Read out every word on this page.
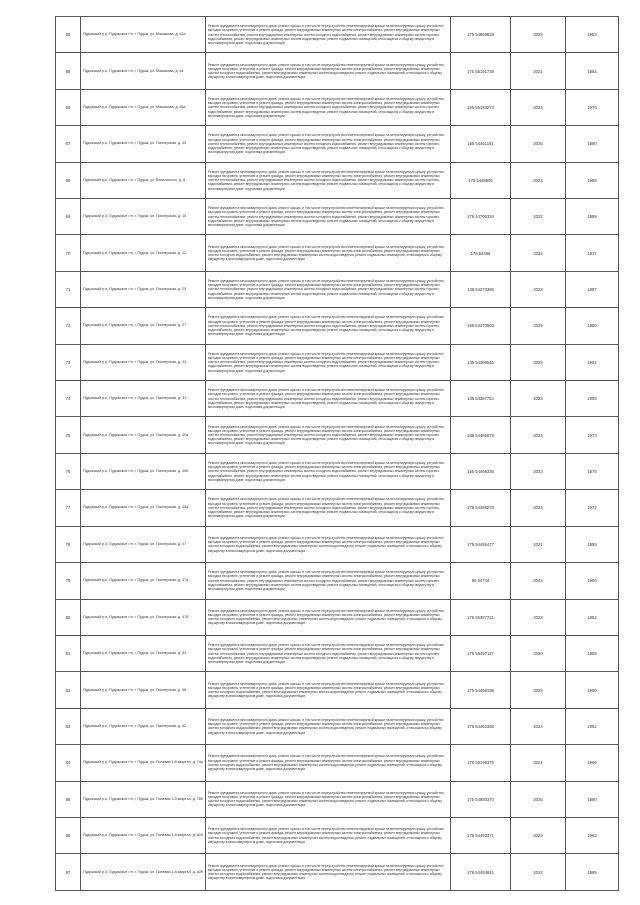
65	Пудожский р-н, Пудожское г/п, г. Пудож, ул. Машакова, д. 62а	Ремонт фундамента многоквартирного дома, ремонт крыши, в том числе переустройство невентилируемой крыши на вентилируемую крышу, устройство выходов на кровлю, утепление и ремонт фасада, ремонт внутридомовых инженерных систем электроснабжения, ремонт внутридомовых инженерных систем теплоснабжения, ремонт внутридомовых инженерных систем холодного водоснабжения, ремонт внутридомовых инженерных систем горячего водоснабжения, ремонт внутридомовых инженерных систем водоотведения, ремонт подвальных помещений, относящихся к общему имуществу в многоквартирном доме, подготовка документации	175 54868828	2023	1983

66	Пудожский р-н, Пудожское г/п, г. Пудож, ул. Машакова, д. 64	Ремонт фундамента многоквартирного дома, ремонт крыши, в том числе переустройство невентилируемой крыши на вентилируемую крышу, устройство выходов на кровлю, утепление и ремонт фасада, ремонт внутридомовых инженерных систем электроснабжения, ремонт внутридомовых инженерных систем холодного водоснабжения, ремонт внутридомовых инженерных систем водоотведения, ремонт подвальных помещений, относящихся к общему имуществу в многоквартирном доме, подготовка документации	175 55191739	2021	1964

68	Пудожский р-н, Пудожское г/п, г. Пудож, ул. Машакова, д. 65а	Ремонт фундамента многоквартирного дома, ремонт крыши, в том числе переустройство невентилируемой крыши на вентилируемую крышу, устройство выходов на кровлю, утепление и ремонт фасада, ремонт внутридомовых инженерных систем электроснабжения, ремонт внутридомовых инженерных систем теплоснабжения, ремонт внутридомовых инженерных систем холодного водоснабжения, ремонт внутридомовых инженерных систем горячего водоснабжения, ремонт внутридомовых инженерных систем водоотведения, ремонт подвальных помещений, относящихся к общему имуществу в многоквартирном доме, подготовка документации	155 55183273	2025	1976

67	Пудожский р-н, Пудожское г/п, г. Пудож, ул. Пионерская, д. 45	Ремонт фундамента многоквартирного дома, ремонт крыши, в том числе переустройство невентилируемой крыши на вентилируемую крышу, устройство выходов на кровлю, утепление и ремонт фасада, ремонт внутридомовых инженерных систем электроснабжения, ремонт внутридомовых инженерных систем теплоснабжения, ремонт внутридомовых инженерных систем холодного водоснабжения, ремонт внутридомовых инженерных систем горячего водоснабжения, ремонт внутридомовых инженерных систем водоотведения, ремонт подвальных помещений, относящихся к общему имуществу в многоквартирном доме, подготовка документации	155 54461181	2025	1960

69	Пудожский р-н, Пудожское г/п, г. Пудож, ул. Василиского, д. 8	Ремонт фундамента многоквартирного дома, ремонт крыши, в том числе переустройство невентилируемой крыши на вентилируемую крышу, устройство выходов на кровлю, утепление и ремонт фасада, ремонт внутридомовых инженерных систем электроснабжения, ремонт внутридомовых инженерных систем теплоснабжения, ремонт внутридомовых инженерных систем холодного водоснабжения, ремонт внутридомовых инженерных систем горячего водоснабжения, ремонт внутридомовых инженерных систем водоотведения, ремонт подвальных помещений, относящихся к общему имуществу в многоквартирном доме, подготовка документации	175 5468805	2023	1958

69	Пудожский р-н, Пудожское г/п, г. Пудож, ул. Пионерская, д. 10	Ремонт фундамента многоквартирного дома, ремонт крыши, в том числе переустройство невентилируемой крыши на вентилируемую крышу, устройство выходов на кровлю, утепление и ремонт фасада, ремонт внутридомовых инженерных систем электроснабжения, ремонт внутридомовых инженерных систем теплоснабжения, ремонт внутридомовых инженерных систем холодного водоснабжения, ремонт внутридомовых инженерных систем горячего водоснабжения, ремонт внутридомовых инженерных систем водоотведения, ремонт подвальных помещений, относящихся к общему имуществу в многоквартирном доме, подготовка документации	176 44700334	2022	1989

70	Пудожский р-н, Пудожское г/п, г. Пудож, ул. Пионерская, д. 12	Ремонт фундамента многоквартирного дома, ремонт крыши, в том числе переустройство невентилируемой крыши на вентилируемую крышу, устройство выходов на кровлю, утепление и ремонт фасада, ремонт внутридомовых инженерных систем электроснабжения, ремонт внутридомовых инженерных систем холодного водоснабжения, ремонт внутридомовых инженерных систем водоотведения, ремонт подвальных помещений, относящихся к общему имуществу в многоквартирном доме, подготовка документации	176 54486	2022	1917

71	Пудожский р-н, Пудожское г/п, г. Пудож, ул. Пионерская, д. 25	Ремонт фундамента многоквартирного дома, ремонт крыши, в том числе переустройство невентилируемой крыши на вентилируемую крышу, устройство выходов на кровлю, утепление и ремонт фасада, ремонт внутридомовых инженерных систем электроснабжения, ремонт внутридомовых инженерных систем теплоснабжения, ремонт внутридомовых инженерных систем холодного водоснабжения, ремонт внутридомовых инженерных систем горячего водоснабжения, ремонт внутридомовых инженерных систем водоотведения, ремонт подвальных помещений, относящихся к общему имуществу в многоквартирном доме, подготовка документации	135 54273386	2023	1987

72	Пудожский р-н, Пудожское г/п, г. Пудож, ул. Пионерская, д. 27	Ремонт фундамента многоквартирного дома, ремонт крыши, в том числе переустройство невентилируемой крыши на вентилируемую крышу, устройство выходов на кровлю, утепление и ремонт фасада, ремонт внутридомовых инженерных систем электроснабжения, ремонт внутридомовых инженерных систем теплоснабжения, ремонт внутридомовых инженерных систем холодного водоснабжения, ремонт внутридомовых инженерных систем горячего водоснабжения, ремонт внутридомовых инженерных систем водоотведения, ремонт подвальных помещений, относящихся к общему имуществу в многоквартирном доме, подготовка документации	166 54370503	2025	1950

73	Пудожский р-н, Пудожское г/п, г. Пудож, ул. Пионерская, д. 33	Ремонт фундамента многоквартирного дома, ремонт крыши, в том числе переустройство невентилируемой крыши на вентилируемую крышу, устройство выходов на кровлю, утепление и ремонт фасада, ремонт внутридомовых инженерных систем электроснабжения, ремонт внутридомовых инженерных систем теплоснабжения, ремонт внутридомовых инженерных систем холодного водоснабжения, ремонт внутридомовых инженерных систем горячего водоснабжения, ремонт внутридомовых инженерных систем водоотведения, ремонт подвальных помещений, относящихся к общему имуществу в многоквартирном доме, подготовка документации	135 54368546	2023	1961

74	Пудожский р-н, Пудожское г/п, г. Пудож, ул. Пионерская, д. 31	Ремонт фундамента многоквартирного дома, ремонт крыши, в том числе переустройство невентилируемой крыши на вентилируемую крышу, устройство выходов на кровлю, утепление и ремонт фасада, ремонт внутридомовых инженерных систем электроснабжения, ремонт внутридомовых инженерных систем теплоснабжения, ремонт внутридомовых инженерных систем холодного водоснабжения, ремонт внутридомовых инженерных систем горячего водоснабжения, ремонт внутридомовых инженерных систем водоотведения, ремонт подвальных помещений, относящихся к общему имуществу в многоквартирном доме, подготовка документации	135 54387754	2023	1959

75	Пудожский р-н, Пудожское г/п, г. Пудож, ул. Пионерская, д. 40а	Ремонт фундамента многоквартирного дома, ремонт крыши, в том числе переустройство невентилируемой крыши на вентилируемую крышу, устройство выходов на кровлю, утепление и ремонт фасада, ремонт внутридомовых инженерных систем электроснабжения, ремонт внутридомовых инженерных систем теплоснабжения, ремонт внутридомовых инженерных систем холодного водоснабжения, ремонт внутридомовых инженерных систем горячего водоснабжения, ремонт внутридомовых инженерных систем водоотведения, ремонт подвальных помещений, относящихся к общему имуществу в многоквартирном доме, подготовка документации	186 54486878	2025	1973

76	Пудожский р-н, Пудожское г/п, г. Пудож, ул. Пионерская, д. 40Б	Ремонт фундамента многоквартирного дома, ремонт крыши, в том числе переустройство невентилируемой крыши на вентилируемую крышу, устройство выходов на кровлю, утепление и ремонт фасада, ремонт внутридомовых инженерных систем электроснабжения, ремонт внутридомовых инженерных систем теплоснабжения, ремонт внутридомовых инженерных систем холодного водоснабжения, ремонт внутридомовых инженерных систем горячего водоснабжения, ремонт внутридомовых инженерных систем водоотведения, ремонт подвальных помещений, относящихся к общему имуществу в многоквартирном доме, подготовка документации	155 54468336	2023	1976

77	Пудожский р-н, Пудожское г/п, г. Пудож, ул. Пионерская, д. 45а	Ремонт фундамента многоквартирного дома, ремонт крыши, в том числе переустройство невентилируемой крыши на вентилируемую крышу, устройство выходов на кровлю, утепление и ремонт фасада, ремонт внутридомовых инженерных систем электроснабжения, ремонт внутридомовых инженерных систем теплоснабжения, ремонт внутридомовых инженерных систем холодного водоснабжения, ремонт внутридомовых инженерных систем горячего водоснабжения, ремонт внутридомовых инженерных систем водоотведения, ремонт подвальных помещений, относящихся к общему имуществу в многоквартирном доме, подготовка документации	176 54488278	2025	1972

78	Пудожский р-н, Пудожское г/п, г. Пудож, ул. Пионерская, д. 47	Ремонт фундамента многоквартирного дома, ремонт крыши, в том числе переустройство невентилируемой крыши на вентилируемую крышу, устройство выходов на кровлю, утепление и ремонт фасада, ремонт внутридомовых инженерных систем электроснабжения, ремонт внутридомовых инженерных систем холодного водоснабжения, ремонт внутридомовых инженерных систем водоотведения, ремонт подвальных помещений, относящихся к общему имуществу в многоквартирном доме, подготовка документации	175 54486477	2021	1959

79	Пудожский р-н, Пудожское г/п, г. Пудож, ул. Пионерская, д. 47а	Ремонт фундамента многоквартирного дома, ремонт крыши, в том числе переустройство невентилируемой крыши на вентилируемую крышу, устройство выходов на кровлю, утепление и ремонт фасада, ремонт внутридомовых инженерных систем электроснабжения, ремонт внутридомовых инженерных систем теплоснабжения, ремонт внутридомовых инженерных систем холодного водоснабжения, ремонт внутридомовых инженерных систем горячего водоснабжения, ремонт внутридомовых инженерных систем водоотведения, ремонт подвальных помещений, относящихся к общему имуществу в многоквартирном доме, подготовка документации	95 54744	2043	1990

80	Пудожский р-н, Пудожское г/п, г. Пудож, ул. Пионерская, д. 47б	Ремонт фундамента многоквартирного дома, ремонт крыши, в том числе переустройство невентилируемой крыши на вентилируемую крышу, устройство выходов на кровлю, утепление и ремонт фасада, ремонт внутридомовых инженерных систем электроснабжения, ремонт внутридомовых инженерных систем холодного водоснабжения, ремонт внутридомовых инженерных систем водоотведения, ремонт подвальных помещений, относящихся к общему имуществу в многоквартирном доме, подготовка документации	176 55387721	2023	1982

81	Пудожский р-н, Пудожское г/п, г. Пудож, ул. Пионерская, д. 54	Ремонт фундамента многоквартирного дома, ремонт крыши, в том числе переустройство невентилируемой крыши на вентилируемую крышу, устройство выходов на кровлю, утепление и ремонт фасада, ремонт внутридомовых инженерных систем электроснабжения, ремонт внутридомовых инженерных систем теплоснабжения, ремонт внутридомовых инженерных систем холодного водоснабжения, ремонт внутридомовых инженерных систем горячего водоснабжения, ремонт внутридомовых инженерных систем водоотведения, ремонт подвальных помещений, относящихся к общему имуществу в многоквартирном доме, подготовка документации	175 55497117	2020	1959

82	Пудожский р-н, Пудожское г/п, г. Пудож, ул. Пионерская, д. 56	Ремонт фундамента многоквартирного дома, ремонт крыши, в том числе переустройство невентилируемой крыши на вентилируемую крышу, устройство выходов на кровлю, утепление и ремонт фасада, ремонт внутридомовых инженерных систем электроснабжения, ремонт внутридомовых инженерных систем холодного водоснабжения, ремонт внутридомовых инженерных систем водоотведения, ремонт подвальных помещений, относящихся к общему имуществу в многоквартирном доме, подготовка документации	175 54468198	2023	1960

83	Пудожский р-н, Пудожское г/п, г. Пудож, ул. Пионерская, д. 62	Ремонт фундамента многоквартирного дома, ремонт крыши, в том числе переустройство невентилируемой крыши на вентилируемую крышу, устройство выходов на кровлю, утепление и ремонт фасада, ремонт внутридомовых инженерных систем электроснабжения, ремонт внутридомовых инженерных систем холодного водоснабжения, ремонт внутридомовых инженерных систем водоотведения, ремонт подвальных помещений, относящихся к общему имуществу в многоквартирном доме, подготовка документации	176 54462368	2024	1962

84	Пудожский р-н, Пудожское г/п, г. Пудож, ул. Полевая 1-й квартал, д. 74а	Ремонт фундамента многоквартирного дома, ремонт крыши, в том числе переустройство невентилируемой крыши на вентилируемую крышу, устройство выходов на кровлю, утепление и ремонт фасада, ремонт внутридомовых инженерных систем электроснабжения, ремонт внутридомовых инженерных систем холодного водоснабжения, ремонт внутридомовых инженерных систем водоотведения, ремонт подвальных помещений, относящихся к общему имуществу в многоквартирном доме, подготовка документации	176 55198379	2021	1966

85	Пудожский р-н, Пудожское г/п, г. Пудож, ул. Полевая 1-й квартал, д. 78б	Ремонт фундамента многоквартирного дома, ремонт крыши, в том числе переустройство невентилируемой крыши на вентилируемую крышу, устройство выходов на кровлю, утепление и ремонт фасада, ремонт внутридомовых инженерных систем электроснабжения, ремонт внутридомовых инженерных систем холодного водоснабжения, ремонт внутридомовых инженерных систем водоотведения, ремонт подвальных помещений, относящихся к общему имуществу в многоквартирном доме, подготовка документации	175 54880370	2025	1960

86	Пудожский р-н, Пудожское г/п, г. Пудож, ул. Полевая 1-й квартал, д. 82а	Ремонт фундамента многоквартирного дома, ремонт крыши, в том числе переустройство невентилируемой крыши на вентилируемую крышу, устройство выходов на кровлю, утепление и ремонт фасада, ремонт внутридомовых инженерных систем электроснабжения, ремонт внутридомовых инженерных систем холодного водоснабжения, ремонт внутридомовых инженерных систем водоотведения, ремонт подвальных помещений, относящихся к общему имуществу в многоквартирном доме, подготовка документации	175 54493371	2023	1963

87	Пудожский р-н, Пудожское г/п, г. Пудож, ул. Полевая 1-й квартал, д. 82б	Ремонт фундамента многоквартирного дома, ремонт крыши, в том числе переустройство невентилируемой крыши на вентилируемую крышу, устройство выходов на кровлю, утепление и ремонт фасада, ремонт внутридомовых инженерных систем электроснабжения, ремонт внутридомовых инженерных систем холодного водоснабжения, ремонт внутридомовых инженерных систем водоотведения, ремонт подвальных помещений, относящихся к общему имуществу в многоквартирном доме, подготовка документации	176 54484841	2023	1965
